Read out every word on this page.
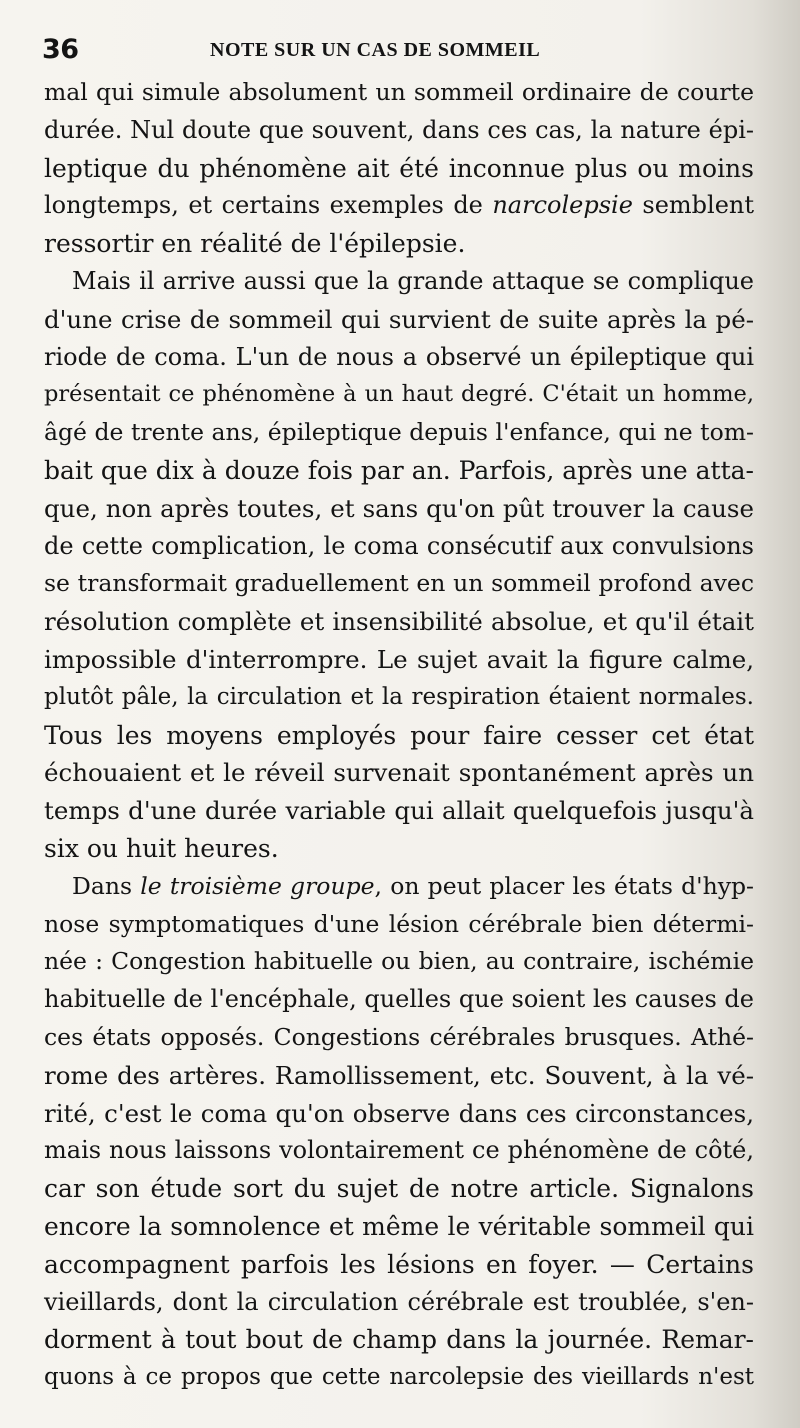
36	NOTE SUR UN CAS DE SOMMEIL
mal qui simule absolument un sommeil ordinaire de courte
durée. Nul doute que souvent, dans ces cas, la nature épi-
leptique du phénomène ait été inconnue plus ou moins
longtemps, et certains exemples de narcolepsie semblent
ressortir en réalité de l'épilepsie.
Mais il arrive aussi que la grande attaque se complique
d'une crise de sommeil qui survient de suite après la pé-
riode de coma. L'un de nous a observé un épileptique qui
présentait ce phénomène à un haut degré. C'était un homme,
âgé de trente ans, épileptique depuis l'enfance, qui ne tom-
bait que dix à douze fois par an. Parfois, après une atta-
que, non après toutes, et sans qu'on pût trouver la cause
de cette complication, le coma consécutif aux convulsions
se transformait graduellement en un sommeil profond avec
résolution complète et insensibilité absolue, et qu'il était
impossible d'interrompre. Le sujet avait la figure calme,
plutôt pâle, la circulation et la respiration étaient normales.
Tous les moyens employés pour faire cesser cet état
échouaient et le réveil survenait spontanément après un
temps d'une durée variable qui allait quelquefois jusqu'à
six ou huit heures.
Dans le troisième groupe, on peut placer les états d'hyp-
nose symptomatiques d'une lésion cérébrale bien détermi-
née : Congestion habituelle ou bien, au contraire, ischémie
habituelle de l'encéphale, quelles que soient les causes de
ces états opposés. Congestions cérébrales brusques. Athé-
rome des artères. Ramollissement, etc. Souvent, à la vé-
rité, c'est le coma qu'on observe dans ces circonstances,
mais nous laissons volontairement ce phénomène de côté,
car son étude sort du sujet de notre article. Signalons
encore la somnolence et même le véritable sommeil qui
accompagnent parfois les lésions en foyer. — Certains
vieillards, dont la circulation cérébrale est troublée, s'en-
dorment à tout bout de champ dans la journée. Remar-
quons à ce propos que cette narcolepsie des vieillards n'est
